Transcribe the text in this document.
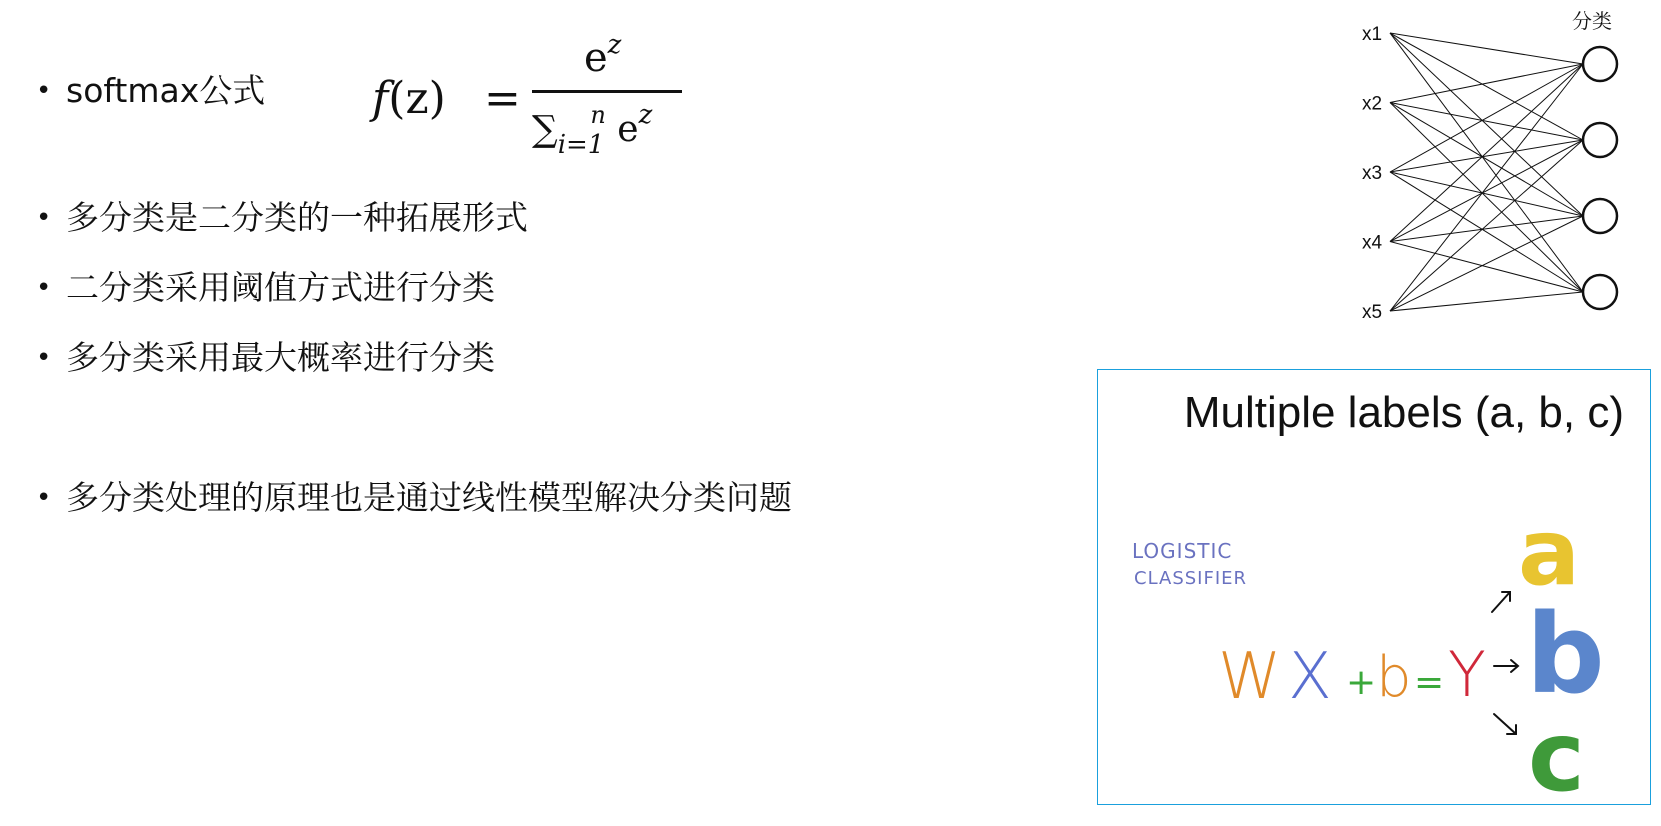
• softmax公式
• 多分类是二分类的一种拓展形式
• 二分类采用阈值方式进行分类
• 多分类采用最大概率进行分类
• 多分类处理的原理也是通过线性模型解决分类问题
f(z) =
$e^z$
$\sum_{i=1}^n$ $e^z$
x1
x2
x3
x4
x5
分类
Multiple labels (a, b, c)
LOGISTIC
CLASSIFIER
W X + b = Y
a
b
c
